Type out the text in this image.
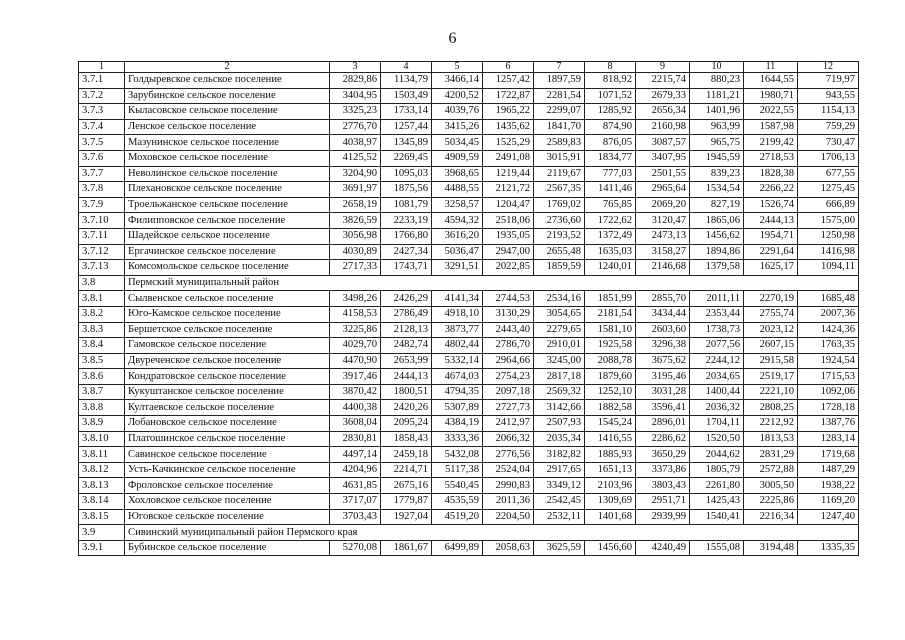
6
1	2	3	4	5	6	7	8	9	10	11	12
3.7.1	Голдыревское сельское поселение	2829,86	1134,79	3466,14	1257,42	1897,59	818,92	2215,74	880,23	1644,55	719,97
3.7.2	Зарубинское сельское поселение	3404,95	1503,49	4200,52	1722,87	2281,54	1071,52	2679,33	1181,21	1980,71	943,55
3.7.3	Кыласовское сельское поселение	3325,23	1733,14	4039,76	1965,22	2299,07	1285,92	2656,34	1401,96	2022,55	1154,13
3.7.4	Ленское сельское поселение	2776,70	1257,44	3415,26	1435,62	1841,70	874,90	2160,98	963,99	1587,98	759,29
3.7.5	Мазунинское сельское поселение	4038,97	1345,89	5034,45	1525,29	2589,83	876,05	3087,57	965,75	2199,42	730,47
3.7.6	Моховское сельское поселение	4125,52	2269,45	4909,59	2491,08	3015,91	1834,77	3407,95	1945,59	2718,53	1706,13
3.7.7	Неволинское сельское поселение	3204,90	1095,03	3968,65	1219,44	2119,67	777,03	2501,55	839,23	1828,38	677,55
3.7.8	Плехановское сельское поселение	3691,97	1875,56	4488,55	2121,72	2567,35	1411,46	2965,64	1534,54	2266,22	1275,45
3.7.9	Троельжанское сельское поселение	2658,19	1081,79	3258,57	1204,47	1769,02	765,85	2069,20	827,19	1526,74	666,89
3.7.10	Филипповское сельское поселение	3826,59	2233,19	4594,32	2518,06	2736,60	1722,62	3120,47	1865,06	2444,13	1575,00
3.7.11	Шадейское сельское поселение	3056,98	1766,80	3616,20	1935,05	2193,52	1372,49	2473,13	1456,62	1954,71	1250,98
3.7.12	Ергачинское сельское поселение	4030,89	2427,34	5036,47	2947,00	2655,48	1635,03	3158,27	1894,86	2291,64	1416,98
3.7.13	Комсомольское сельское поселение	2717,33	1743,71	3291,51	2022,85	1859,59	1240,01	2146,68	1379,58	1625,17	1094,11
3.8	Пермский муниципальный район										
3.8.1	Сылвенское сельское поселение	3498,26	2426,29	4141,34	2744,53	2534,16	1851,99	2855,70	2011,11	2270,19	1685,48
3.8.2	Юго-Камское сельское поселение	4158,53	2786,49	4918,10	3130,29	3054,65	2181,54	3434,44	2353,44	2755,74	2007,36
3.8.3	Бершетское сельское поселение	3225,86	2128,13	3873,77	2443,40	2279,65	1581,10	2603,60	1738,73	2023,12	1424,36
3.8.4	Гамовское сельское поселение	4029,70	2482,74	4802,44	2786,70	2910,01	1925,58	3296,38	2077,56	2607,15	1763,35
3.8.5	Двуреченское сельское поселение	4470,90	2653,99	5332,14	2964,66	3245,00	2088,78	3675,62	2244,12	2915,58	1924,54
3.8.6	Кондратовское сельское поселение	3917,46	2444,13	4674,03	2754,23	2817,18	1879,60	3195,46	2034,65	2519,17	1715,53
3.8.7	Кукуштанское сельское поселение	3870,42	1800,51	4794,35	2097,18	2569,32	1252,10	3031,28	1400,44	2221,10	1092,06
3.8.8	Култаевское сельское поселение	4400,38	2420,26	5307,89	2727,73	3142,66	1882,58	3596,41	2036,32	2808,25	1728,18
3.8.9	Лобановское сельское поселение	3608,04	2095,24	4384,19	2412,97	2507,93	1545,24	2896,01	1704,11	2212,92	1387,76
3.8.10	Платошинское сельское поселение	2830,81	1858,43	3333,36	2066,32	2035,34	1416,55	2286,62	1520,50	1813,53	1283,14
3.8.11	Савинское сельское поселение	4497,14	2459,18	5432,08	2776,56	3182,82	1885,93	3650,29	2044,62	2831,29	1719,68
3.8.12	Усть-Качкинское сельское поселение	4204,96	2214,71	5117,38	2524,04	2917,65	1651,13	3373,86	1805,79	2572,88	1487,29
3.8.13	Фроловское сельское поселение	4631,85	2675,16	5540,45	2990,83	3349,12	2103,96	3803,43	2261,80	3005,50	1938,22
3.8.14	Хохловское сельское поселение	3717,07	1779,87	4535,59	2011,36	2542,45	1309,69	2951,71	1425,43	2225,86	1169,20
3.8.15	Юговское сельское поселение	3703,43	1927,04	4519,20	2204,50	2532,11	1401,68	2939,99	1540,41	2216,34	1247,40
3.9	Сивинский муниципальный район Пермского края										
3.9.1	Бубинское сельское поселение	5270,08	1861,67	6499,89	2058,63	3625,59	1456,60	4240,49	1555,08	3194,48	1335,35
